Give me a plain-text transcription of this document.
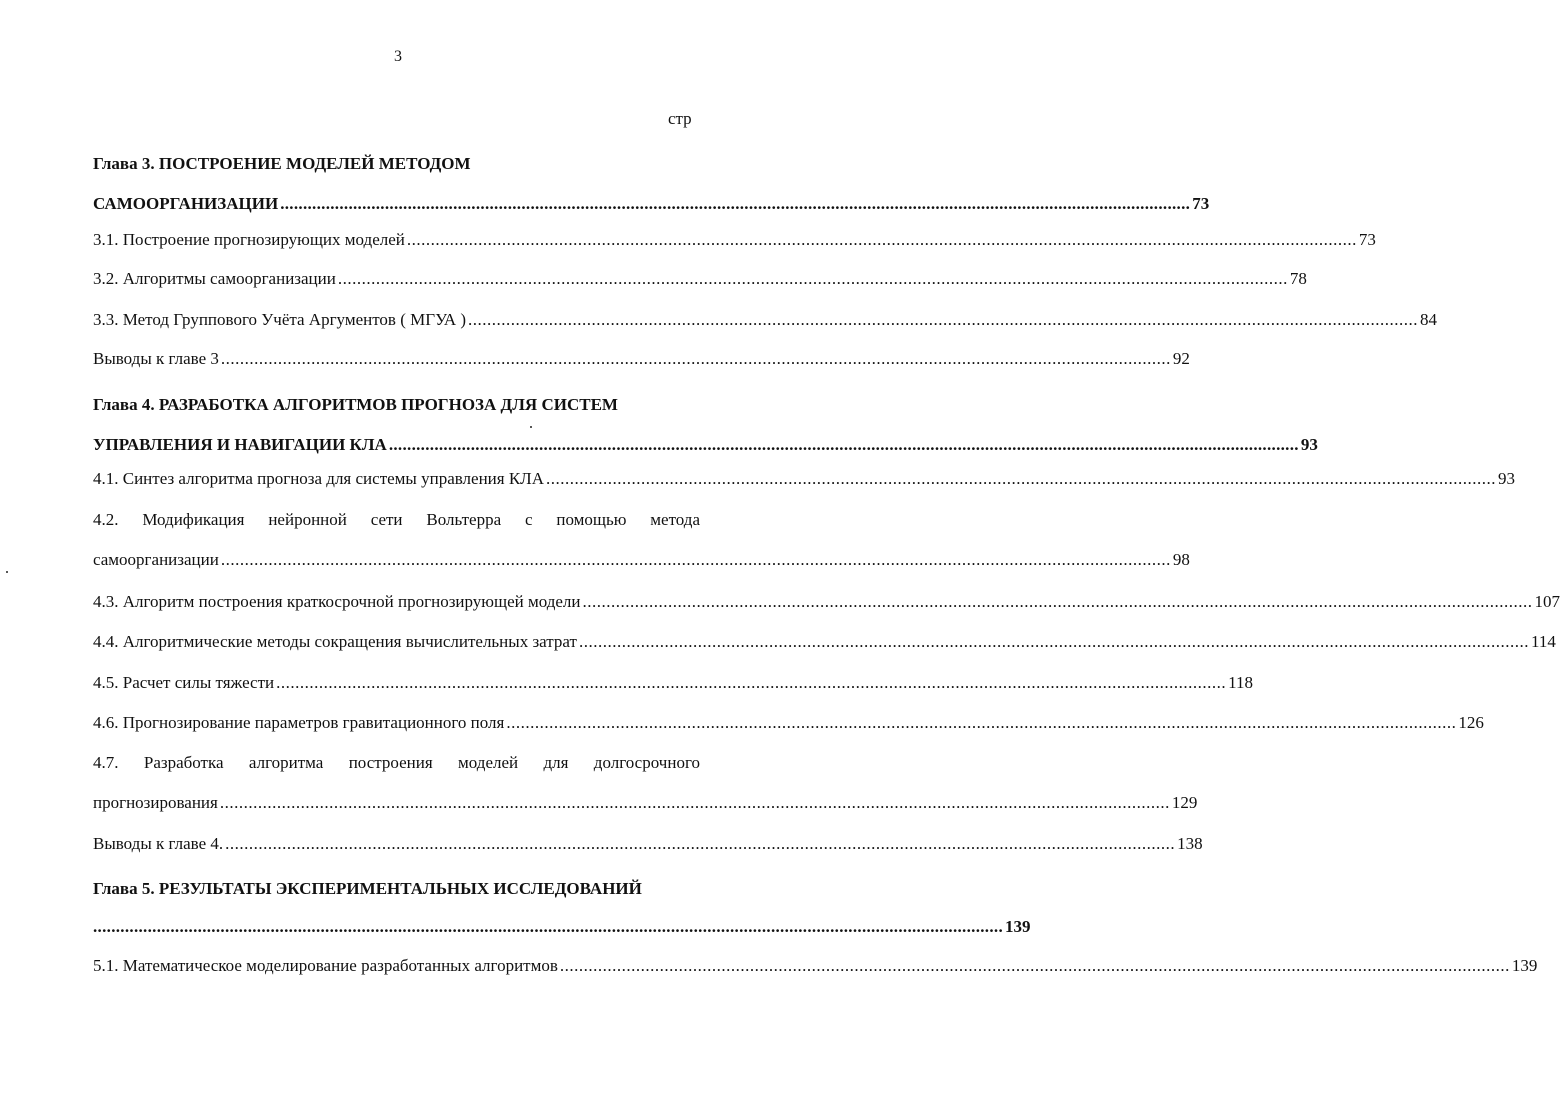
3
стр
Глава 3. ПОСТРОЕНИЕ МОДЕЛЕЙ МЕТОДОМ
САМООРГАНИЗАЦИИ ........................................................................................................................................................................................................ 73
3.1. Построение прогнозирующих моделей ........................................................................................................................................................................................................ 73
3.2. Алгоритмы самоорганизации ........................................................................................................................................................................................................ 78
3.3. Метод Группового Учёта Аргументов ( МГУА ) ........................................................................................................................................................................................................ 84
Выводы к главе 3 ........................................................................................................................................................................................................ 92
Глава 4. РАЗРАБОТКА АЛГОРИТМОВ ПРОГНОЗА ДЛЯ СИСТЕМ
УПРАВЛЕНИЯ И НАВИГАЦИИ КЛА ........................................................................................................................................................................................................ 93
4.1. Синтез алгоритма прогноза для системы управления КЛА ........................................................................................................................................................................................................ 93
4.2. Модификация нейронной сети Вольтерра с помощью метода
самоорганизации ........................................................................................................................................................................................................ 98
4.3. Алгоритм построения краткосрочной прогнозирующей модели ........................................................................................................................................................................................................ 107
4.4. Алгоритмические методы сокращения вычислительных затрат ........................................................................................................................................................................................................ 114
4.5. Расчет силы тяжести ........................................................................................................................................................................................................ 118
4.6. Прогнозирование параметров гравитационного поля ........................................................................................................................................................................................................ 126
4.7. Разработка алгоритма построения моделей для долгосрочного
прогнозирования ........................................................................................................................................................................................................ 129
Выводы к главе 4. ........................................................................................................................................................................................................ 138
Глава 5. РЕЗУЛЬТАТЫ ЭКСПЕРИМЕНТАЛЬНЫХ ИССЛЕДОВАНИЙ
........................................................................................................................................................................................................ 139
5.1. Математическое моделирование разработанных алгоритмов ........................................................................................................................................................................................................ 139
